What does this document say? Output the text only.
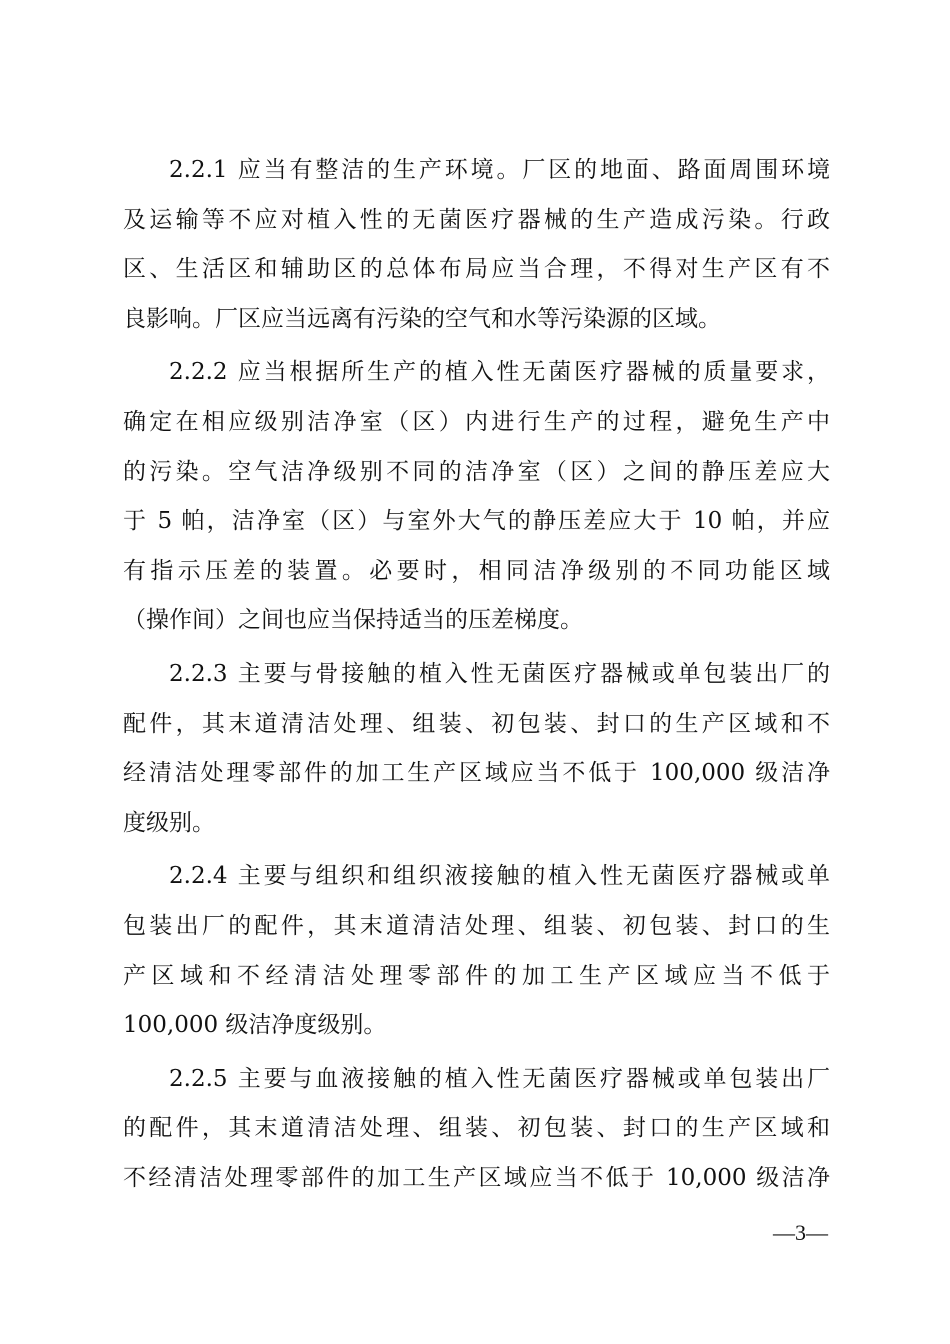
2.2.1 应当有整洁的生产环境。厂区的地面、路面周围环境
及运输等不应对植入性的无菌医疗器械的生产造成污染。行政
区、生活区和辅助区的总体布局应当合理，不得对生产区有不
良影响。厂区应当远离有污染的空气和水等污染源的区域。
2.2.2 应当根据所生产的植入性无菌医疗器械的质量要求，
确定在相应级别洁净室（区）内进行生产的过程，避免生产中
的污染。空气洁净级别不同的洁净室（区）之间的静压差应大
于 5 帕，洁净室（区）与室外大气的静压差应大于 10 帕，并应
有指示压差的装置。必要时，相同洁净级别的不同功能区域
（操作间）之间也应当保持适当的压差梯度。
2.2.3 主要与骨接触的植入性无菌医疗器械或单包装出厂的
配件，其末道清洁处理、组装、初包装、封口的生产区域和不
经清洁处理零部件的加工生产区域应当不低于 100,000 级洁净
度级别。
2.2.4 主要与组织和组织液接触的植入性无菌医疗器械或单
包装出厂的配件，其末道清洁处理、组装、初包装、封口的生
产区域和不经清洁处理零部件的加工生产区域应当不低于
100,000 级洁净度级别。
2.2.5 主要与血液接触的植入性无菌医疗器械或单包装出厂
的配件，其末道清洁处理、组装、初包装、封口的生产区域和
不经清洁处理零部件的加工生产区域应当不低于 10,000 级洁净
—3—
